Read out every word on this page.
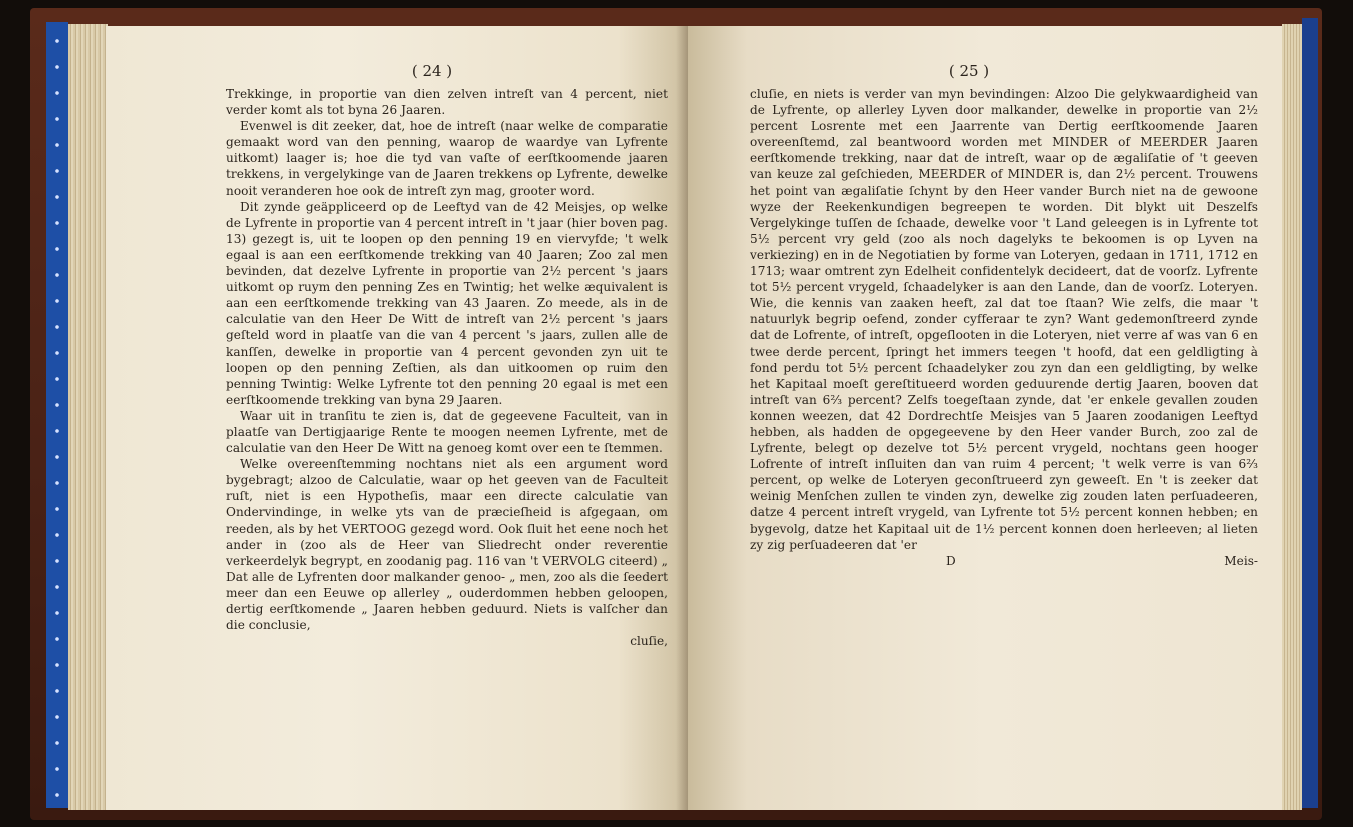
( 24 )

Trekkinge, in proportie van dien zelven intreſt van 4 percent, niet verder komt als tot byna 26 Jaaren.

Evenwel is dit zeeker, dat, hoe de intreſt (naar welke de comparatie gemaakt word van den penning, waarop de waardye van Lyfrente uitkomt) laager is; hoe die tyd van vaſte of eerſtkoomende jaaren trekkens, in vergelykinge van de Jaaren trekkens op Lyfrente, dewelke nooit veranderen hoe ook de intreſt zyn mag, grooter word.

Dit zynde geäppliceerd op de Leeftyd van de 42 Meisjes, op welke de Lyfrente in proportie van 4 percent intreſt in 't jaar (hier boven pag. 13) gezegt is, uit te loopen op den penning 19 en viervyfde; 't welk egaal is aan een eerſtkomende trekking van 40 Jaaren; Zoo zal men bevinden, dat dezelve Lyfrente in proportie van 2½ percent 's jaars uitkomt op ruym den penning Zes en Twintig; het welke æquivalent is aan een eerſtkomende trekking van 43 Jaaren. Zo meede, als in de calculatie van den Heer De Witt de intreſt van 2½ percent 's jaars geſteld word in plaatſe van die van 4 percent 's jaars, zullen alle de kanſſen, dewelke in proportie van 4 percent gevonden zyn uit te loopen op den penning Zeſtien, als dan uitkoomen op ruim den penning Twintig: Welke Lyfrente tot den penning 20 egaal is met een eerſtkoomende trekking van byna 29 Jaaren.

Waar uit in tranſitu te zien is, dat de gegeevene Faculteit, van in plaatſe van Dertigjaarige Rente te moogen neemen Lyfrente, met de calculatie van den Heer De Witt na genoeg komt over een te ſtemmen.

Welke overeenſtemming nochtans niet als een argument word bygebragt; alzoo de Calculatie, waar op het geeven van de Faculteit ruſt, niet is een Hypotheſis, maar een directe calculatie van Ondervindinge, in welke yts van de præcieſheid is afgegaan, om reeden, als by het VERTOOG gezegd word. Ook ſluit het eene noch het ander in (zoo als de Heer van Sliedrecht onder reverentie verkeerdelyk begrypt, en zoodanig pag. 116 van 't VERVOLG citeerd) „ Dat alle de Lyfrenten door malkander genoo- „ men, zoo als die ſeedert meer dan een Eeuwe op allerley „ ouderdommen hebben geloopen, dertig eerſtkomende „ Jaaren hebben geduurd. Niets is valſcher dan die conclusie,

cluſie,
( 25 )

cluſie, en niets is verder van myn bevindingen: Alzoo Die gelykwaardigheid van de Lyfrente, op allerley Lyven door malkander, dewelke in proportie van 2½ percent Losrente met een Jaarrente van Dertig eerſtkoomende Jaaren overeenſtemd, zal beantwoord worden met MINDER of MEERDER Jaaren eerſtkomende trekking, naar dat de intreſt, waar op de ægaliſatie of 't geeven van keuze zal geſchieden, MEERDER of MINDER is, dan 2½ percent. Trouwens het point van ægaliſatie ſchynt by den Heer vander Burch niet na de gewoone wyze der Reekenkundigen begreepen te worden. Dit blykt uit Deszelfs Vergelykinge tuſſen de ſchaade, dewelke voor 't Land geleegen is in Lyfrente tot 5½ percent vry geld (zoo als noch dagelyks te bekoomen is op Lyven na verkiezing) en in de Negotiatien by forme van Loteryen, gedaan in 1711, 1712 en 1713; waar omtrent zyn Edelheit confidentelyk decideert, dat de voorſz. Lyfrente tot 5½ percent vrygeld, ſchaadelyker is aan den Lande, dan de voorſz. Loteryen. Wie, die kennis van zaaken heeft, zal dat toe ſtaan? Wie zelfs, die maar 't natuurlyk begrip oefend, zonder cyfferaar te zyn? Want gedemonſtreerd zynde dat de Lofrente, of intreſt, opgeſlooten in die Loteryen, niet verre af was van 6 en twee derde percent, ſpringt het immers teegen 't hoofd, dat een geldligting à fond perdu tot 5½ percent ſchaadelyker zou zyn dan een geldligting, by welke het Kapitaal moeſt gereſtitueerd worden geduurende dertig Jaaren, booven dat intreſt van 6⅔ percent? Zelfs toegeſtaan zynde, dat 'er enkele gevallen zouden konnen weezen, dat 42 Dordrechtſe Meisjes van 5 Jaaren zoodanigen Leeftyd hebben, als hadden de opgegeevene by den Heer vander Burch, zoo zal de Lyfrente, belegt op dezelve tot 5½ percent vrygeld, nochtans geen hooger Lofrente of intreſt inſluiten dan van ruim 4 percent; 't welk verre is van 6⅔ percent, op welke de Loteryen geconſtrueerd zyn geweeſt. En 't is zeeker dat weinig Menſchen zullen te vinden zyn, dewelke zig zouden laten perſuadeeren, datze 4 percent intreſt vrygeld, van Lyfrente tot 5½ percent konnen hebben; en bygevolg, datze het Kapitaal uit de 1½ percent konnen doen herleeven; al lieten zy zig perſuadeeren dat 'er

D	Meis-
